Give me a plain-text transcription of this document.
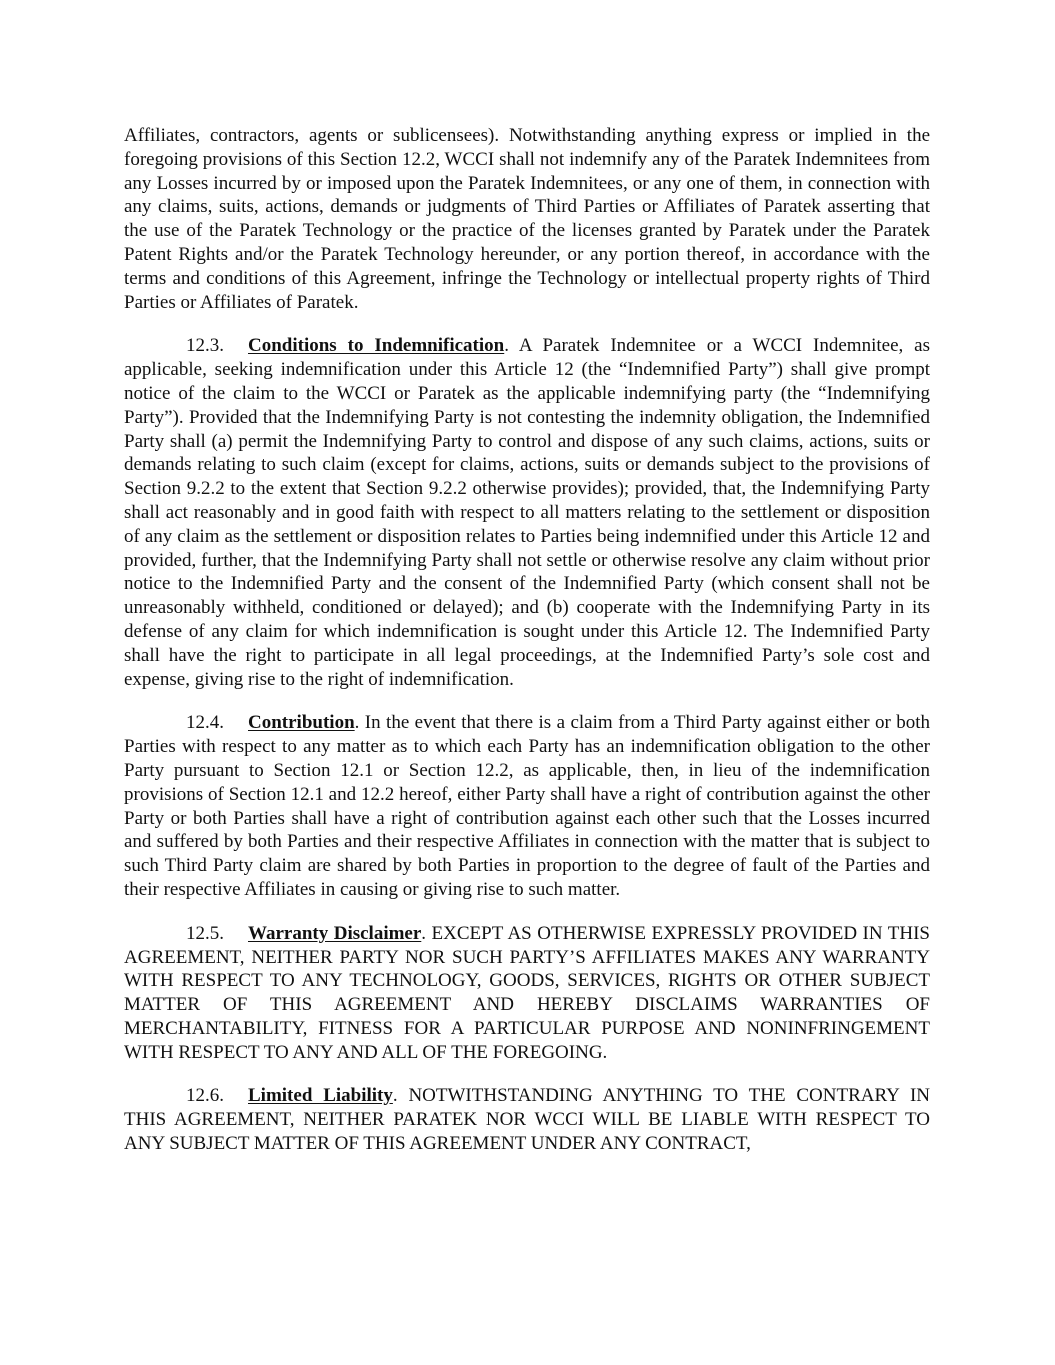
Affiliates, contractors, agents or sublicensees). Notwithstanding anything express or implied in the foregoing provisions of this Section 12.2, WCCI shall not indemnify any of the Paratek Indemnitees from any Losses incurred by or imposed upon the Paratek Indemnitees, or any one of them, in connection with any claims, suits, actions, demands or judgments of Third Parties or Affiliates of Paratek asserting that the use of the Paratek Technology or the practice of the licenses granted by Paratek under the Paratek Patent Rights and/or the Paratek Technology hereunder, or any portion thereof, in accordance with the terms and conditions of this Agreement, infringe the Technology or intellectual property rights of Third Parties or Affiliates of Paratek.

12.3. Conditions to Indemnification. A Paratek Indemnitee or a WCCI Indemnitee, as applicable, seeking indemnification under this Article 12 (the “Indemnified Party”) shall give prompt notice of the claim to the WCCI or Paratek as the applicable indemnifying party (the “Indemnifying Party”). Provided that the Indemnifying Party is not contesting the indemnity obligation, the Indemnified Party shall (a) permit the Indemnifying Party to control and dispose of any such claims, actions, suits or demands relating to such claim (except for claims, actions, suits or demands subject to the provisions of Section 9.2.2 to the extent that Section 9.2.2 otherwise provides); provided, that, the Indemnifying Party shall act reasonably and in good faith with respect to all matters relating to the settlement or disposition of any claim as the settlement or disposition relates to Parties being indemnified under this Article 12 and provided, further, that the Indemnifying Party shall not settle or otherwise resolve any claim without prior notice to the Indemnified Party and the consent of the Indemnified Party (which consent shall not be unreasonably withheld, conditioned or delayed); and (b) cooperate with the Indemnifying Party in its defense of any claim for which indemnification is sought under this Article 12. The Indemnified Party shall have the right to participate in all legal proceedings, at the Indemnified Party’s sole cost and expense, giving rise to the right of indemnification.

12.4. Contribution. In the event that there is a claim from a Third Party against either or both Parties with respect to any matter as to which each Party has an indemnification obligation to the other Party pursuant to Section 12.1 or Section 12.2, as applicable, then, in lieu of the indemnification provisions of Section 12.1 and 12.2 hereof, either Party shall have a right of contribution against the other Party or both Parties shall have a right of contribution against each other such that the Losses incurred and suffered by both Parties and their respective Affiliates in connection with the matter that is subject to such Third Party claim are shared by both Parties in proportion to the degree of fault of the Parties and their respective Affiliates in causing or giving rise to such matter.

12.5. Warranty Disclaimer. EXCEPT AS OTHERWISE EXPRESSLY PROVIDED IN THIS AGREEMENT, NEITHER PARTY NOR SUCH PARTY’S AFFILIATES MAKES ANY WARRANTY WITH RESPECT TO ANY TECHNOLOGY, GOODS, SERVICES, RIGHTS OR OTHER SUBJECT MATTER OF THIS AGREEMENT AND HEREBY DISCLAIMS WARRANTIES OF MERCHANTABILITY, FITNESS FOR A PARTICULAR PURPOSE AND NONINFRINGEMENT WITH RESPECT TO ANY AND ALL OF THE FOREGOING.

12.6. Limited Liability. NOTWITHSTANDING ANYTHING TO THE CONTRARY IN THIS AGREEMENT, NEITHER PARATEK NOR WCCI WILL BE LIABLE WITH RESPECT TO ANY SUBJECT MATTER OF THIS AGREEMENT UNDER ANY CONTRACT,
